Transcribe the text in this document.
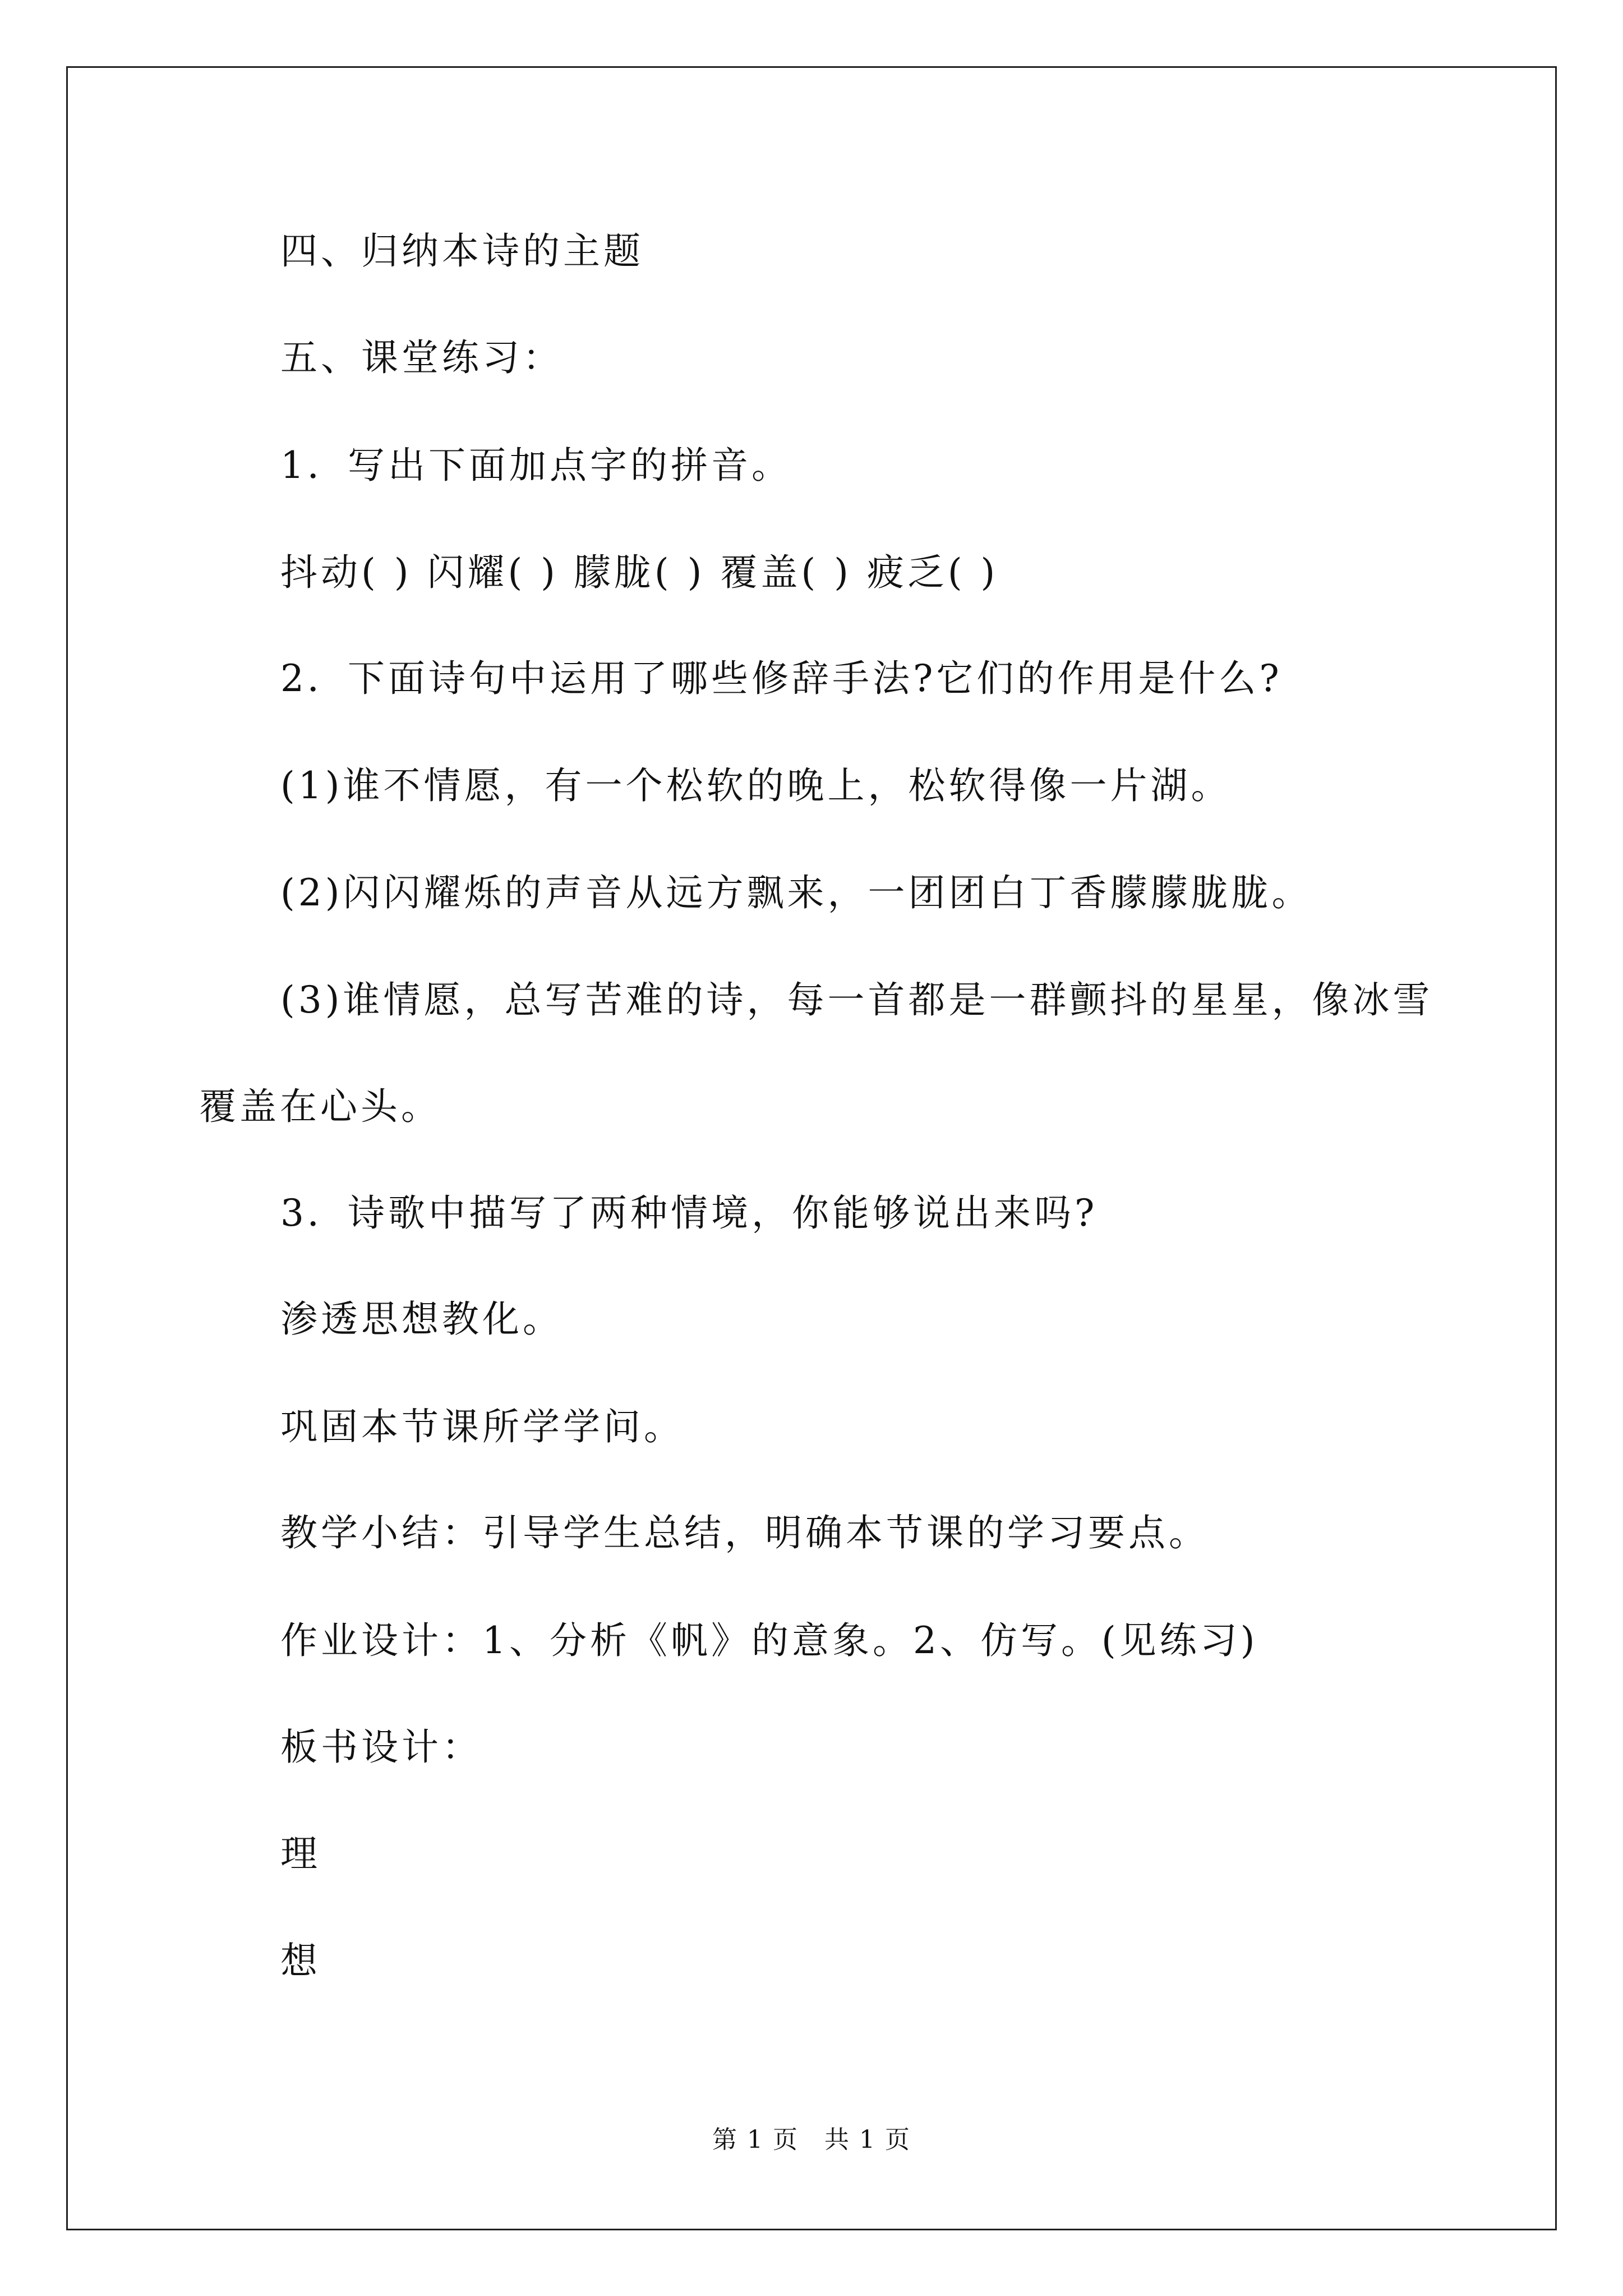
四、归纳本诗的主题

五、课堂练习：

1．写出下面加点字的拼音。

抖动( ) 闪耀( ) 朦胧( ) 覆盖( ) 疲乏( )

2．下面诗句中运用了哪些修辞手法?它们的作用是什么?

(1)谁不情愿，有一个松软的晚上，松软得像一片湖。

(2)闪闪耀烁的声音从远方飘来，一团团白丁香朦朦胧胧。

(3)谁情愿，总写苦难的诗，每一首都是一群颤抖的星星，像冰雪

覆盖在心头。

3．诗歌中描写了两种情境，你能够说出来吗?

渗透思想教化。

巩固本节课所学学问。

教学小结：引导学生总结，明确本节课的学习要点。

作业设计：1、分析《帆》的意象。2、仿写。(见练习)

板书设计：

理

想

第 1 页　共 1 页
